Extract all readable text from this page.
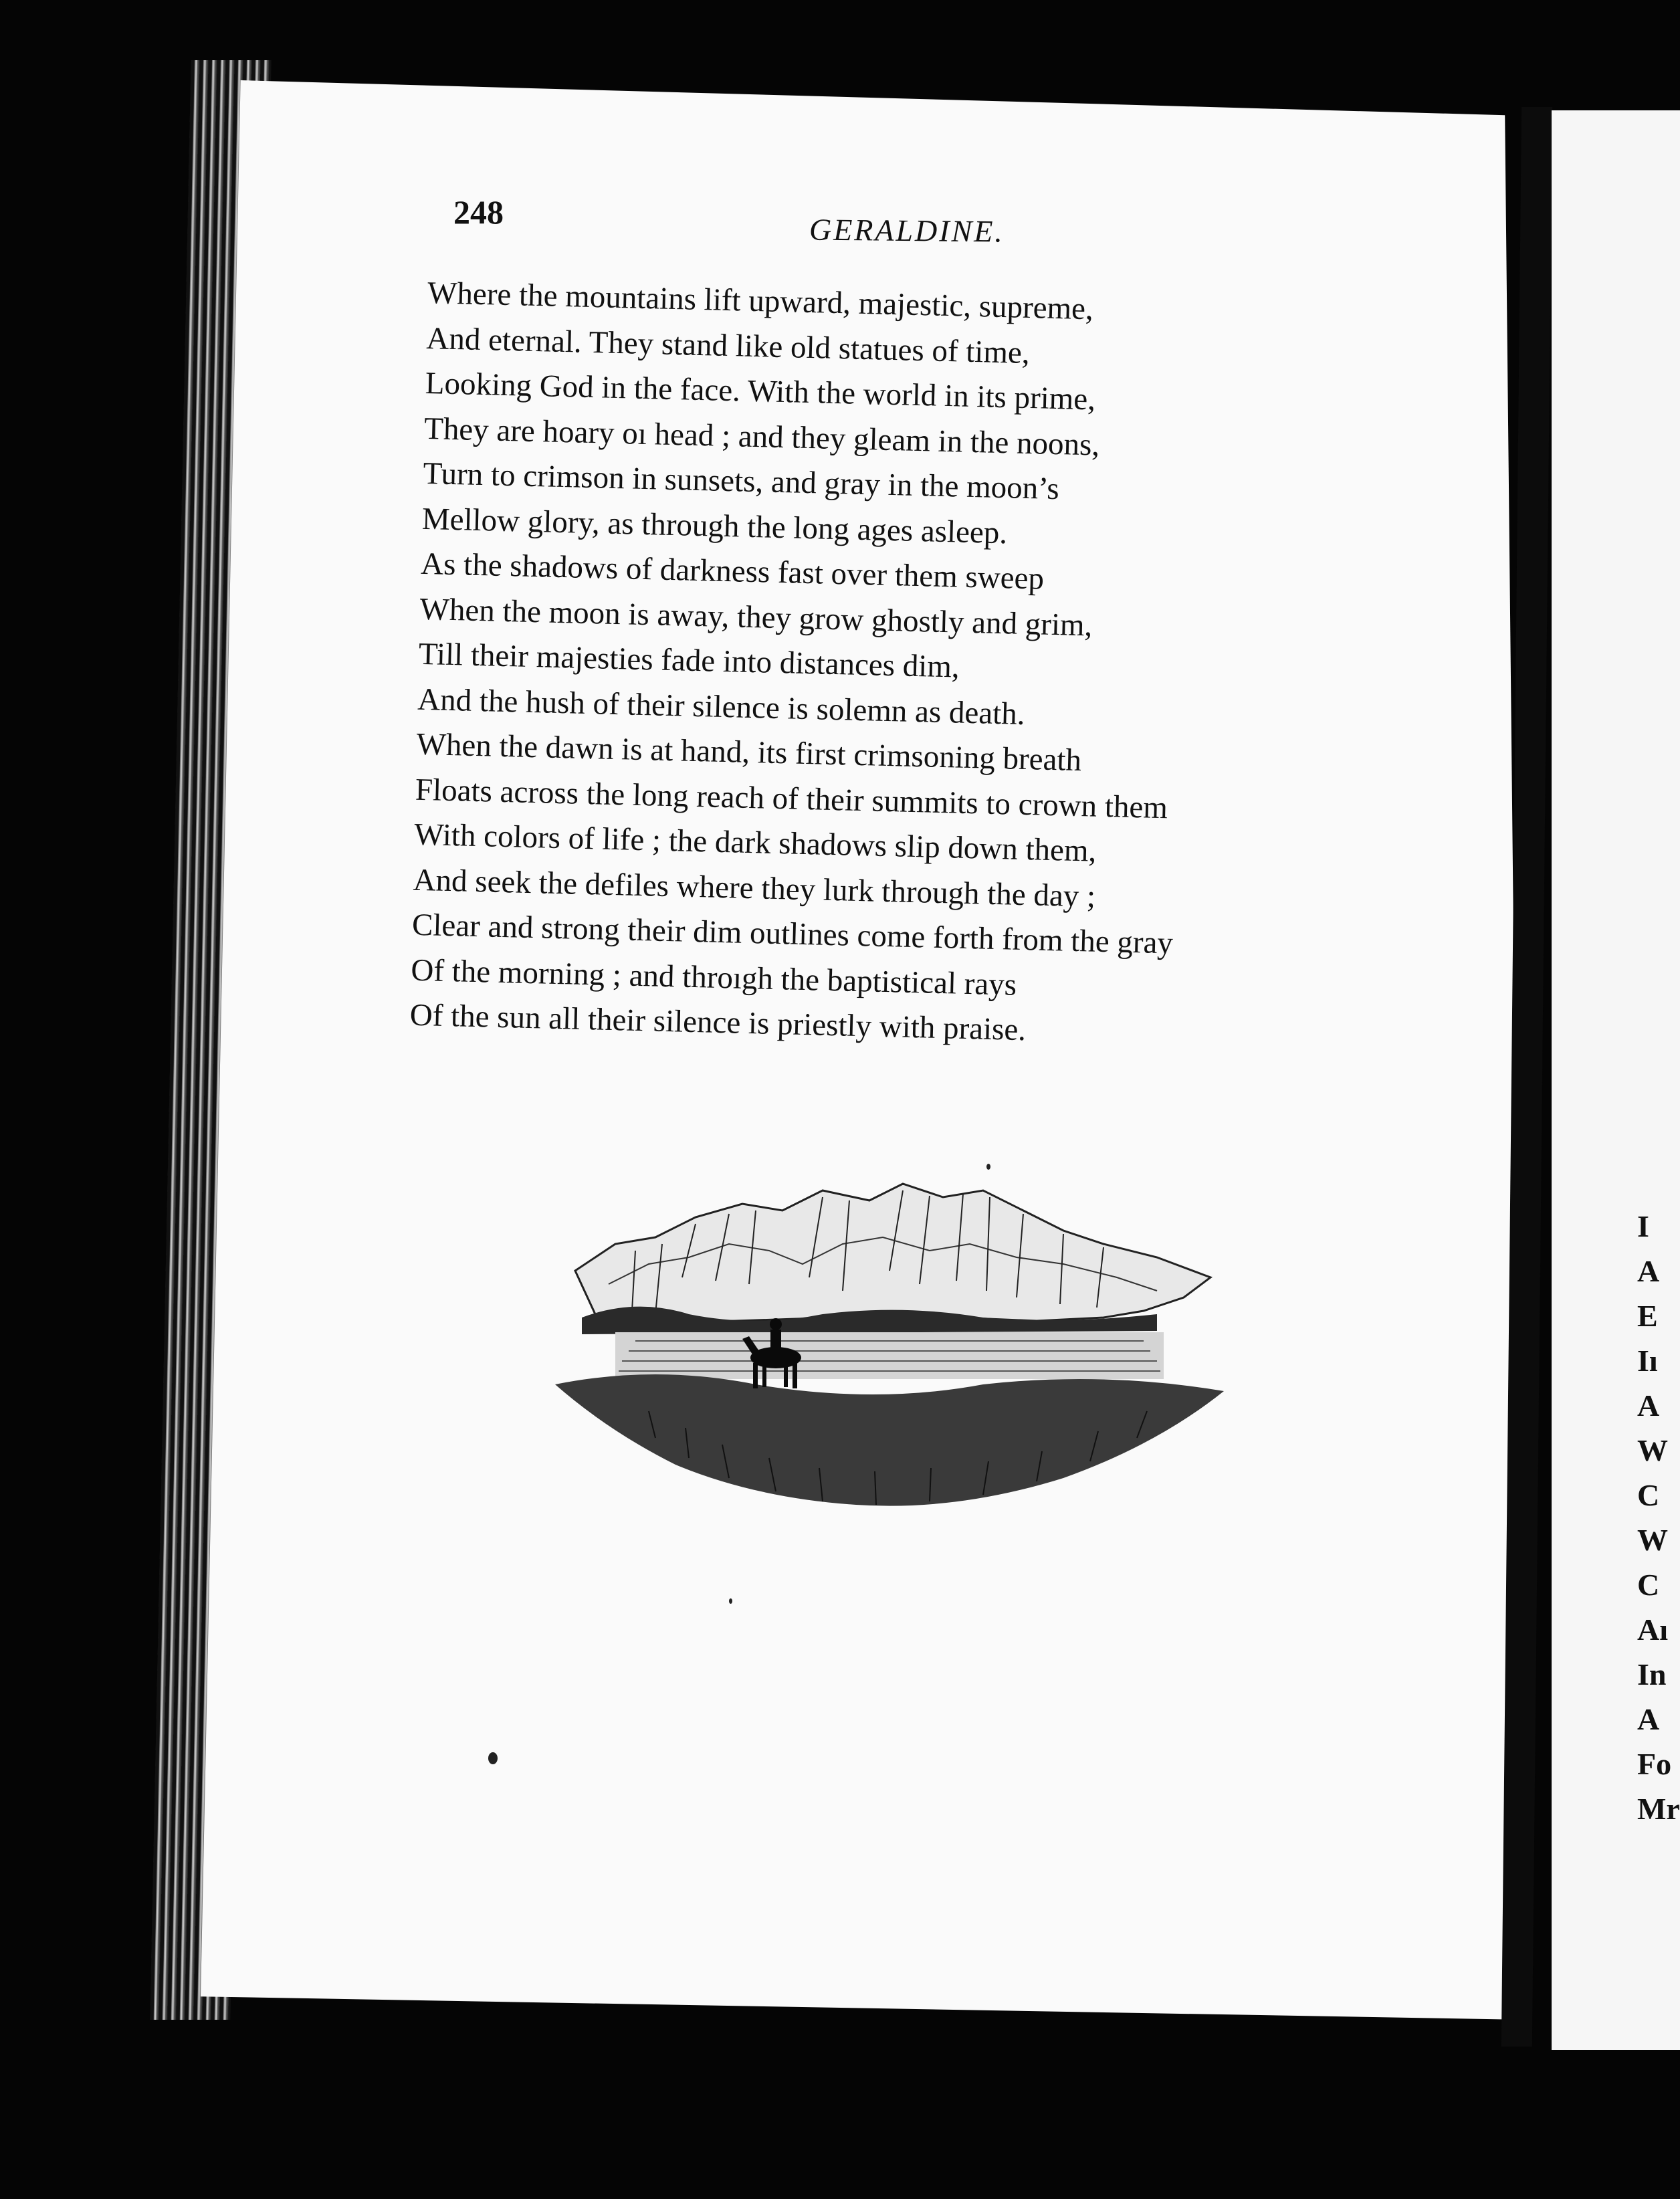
248	GERALDINE.
Where the mountains lift upward, majestic, supreme,
And eternal. They stand like old statues of time,
Looking God in the face. With the world in its prime,
They are hoary oı head ; and they gleam in the noons,
Turn to crimson in sunsets, and gray in the moon’s
Mellow glory, as through the long ages asleep.
As the shadows of darkness fast over them sweep
When the moon is away, they grow ghostly and grim,
Till their majesties fade into distances dim,
And the hush of their silence is solemn as death.
When the dawn is at hand, its first crimsoning breath
Floats across the long reach of their summits to crown them
With colors of life ; the dark shadows slip down them,
And seek the defiles where they lurk through the day ;
Clear and strong their dim outlines come forth from the gray
Of the morning ; and throıgh the baptistical rays
Of the sun all their silence is priestly with praise.
I
A
E
Iı
A
W
C
W
C
Aı
In
A
Fo
Mr
